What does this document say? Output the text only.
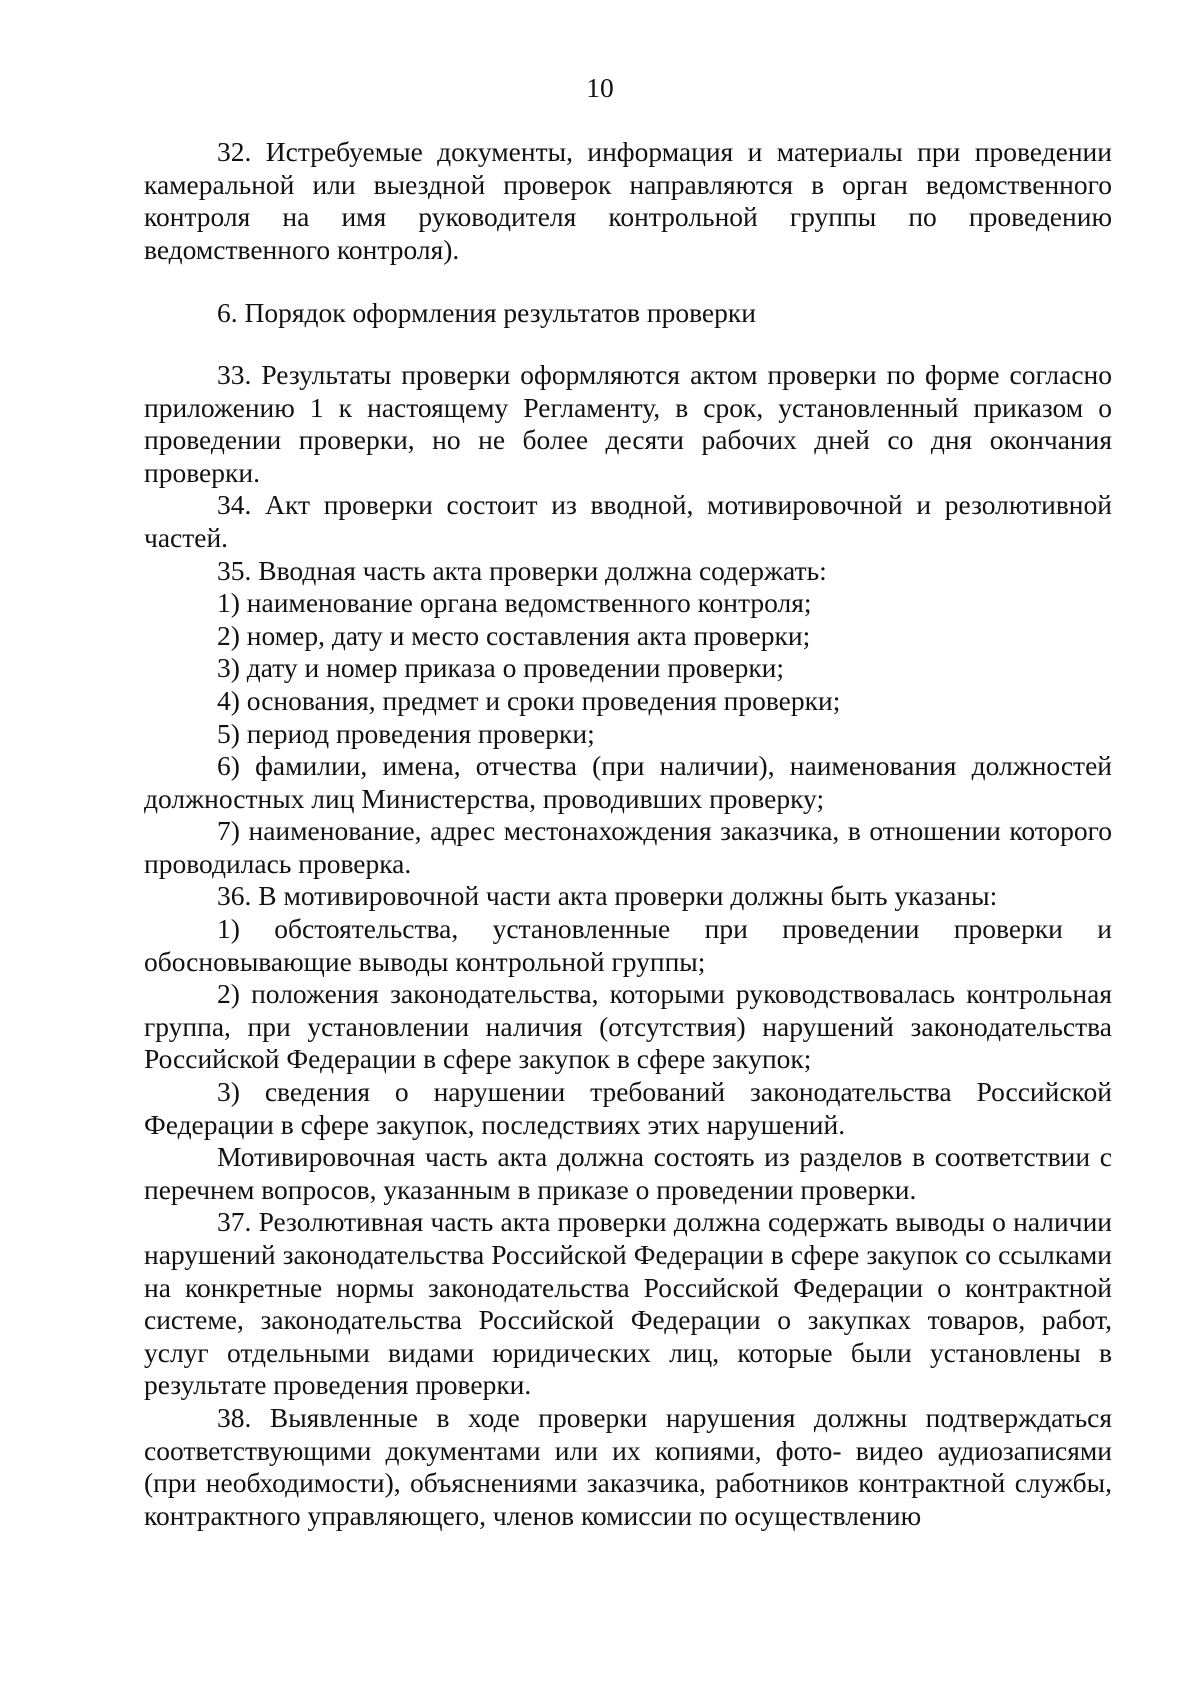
10

32. Истребуемые документы, информация и материалы при проведении камеральной или выездной проверок направляются в орган ведомственного контроля на имя руководителя контрольной группы по проведению ведомственного контроля).

6. Порядок оформления результатов проверки

33. Результаты проверки оформляются актом проверки по форме согласно приложению 1 к настоящему Регламенту, в срок, установленный приказом о проведении проверки, но не более десяти рабочих дней со дня окончания проверки.

34. Акт проверки состоит из вводной, мотивировочной и резолютивной частей.

35. Вводная часть акта проверки должна содержать:

1) наименование органа ведомственного контроля;

2) номер, дату и место составления акта проверки;

3) дату и номер приказа о проведении проверки;

4) основания, предмет и сроки проведения проверки;

5) период проведения проверки;

6) фамилии, имена, отчества (при наличии), наименования должностей должностных лиц Министерства, проводивших проверку;

7) наименование, адрес местонахождения заказчика, в отношении которого проводилась проверка.

36. В мотивировочной части акта проверки должны быть указаны:

1) обстоятельства, установленные при проведении проверки и обосновывающие выводы контрольной группы;

2) положения законодательства, которыми руководствовалась контрольная группа, при установлении наличия (отсутствия) нарушений законодательства Российской Федерации в сфере закупок в сфере закупок;

3) сведения о нарушении требований законодательства Российской Федерации в сфере закупок, последствиях этих нарушений.

Мотивировочная часть акта должна состоять из разделов в соответствии с перечнем вопросов, указанным в приказе о проведении проверки.

37. Резолютивная часть акта проверки должна содержать выводы о наличии нарушений законодательства Российской Федерации в сфере закупок со ссылками на конкретные нормы законодательства Российской Федерации о контрактной системе, законодательства Российской Федерации о закупках товаров, работ, услуг отдельными видами юридических лиц, которые были установлены в результате проведения проверки.

38. Выявленные в ходе проверки нарушения должны подтверждаться соответствующими документами или их копиями, фото- видео аудиозаписями (при необходимости), объяснениями заказчика, работников контрактной службы, контрактного управляющего, членов комиссии по осуществлению
